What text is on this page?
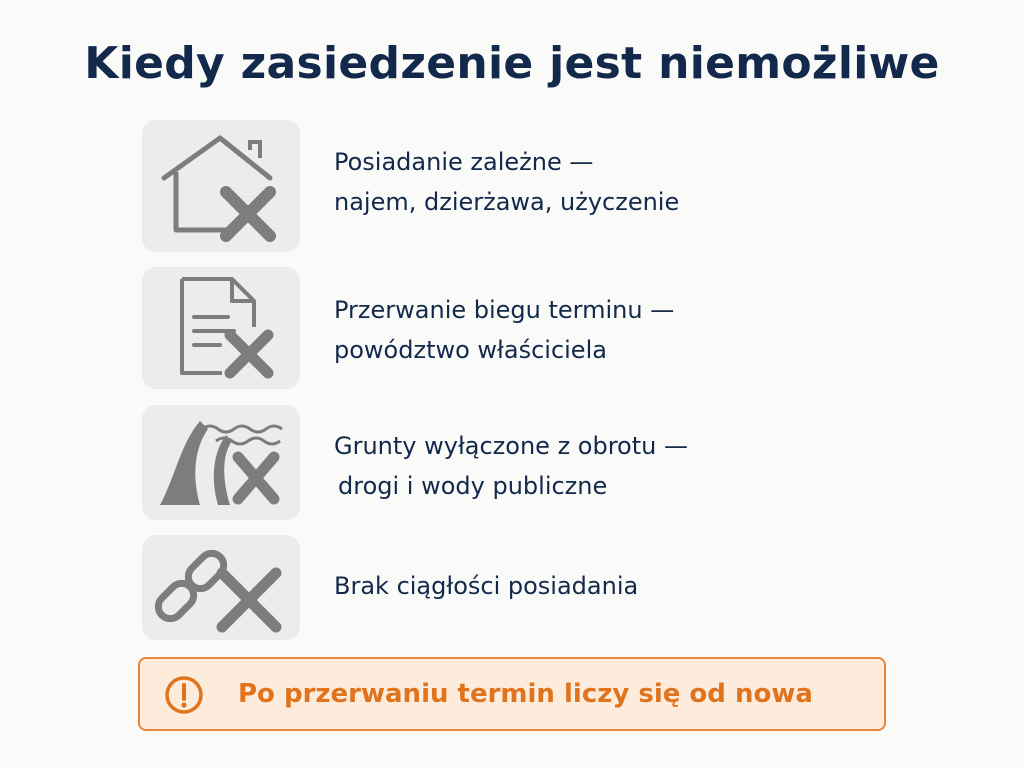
Kiedy zasiedzenie jest niemożliwe
Posiadanie zależne —
najem, dzierżawa, użyczenie
Przerwanie biegu terminu —
powództwo właściciela
Grunty wyłączone z obrotu —
drogi i wody publiczne
Brak ciągłości posiadania
Po przerwaniu termin liczy się od nowa
